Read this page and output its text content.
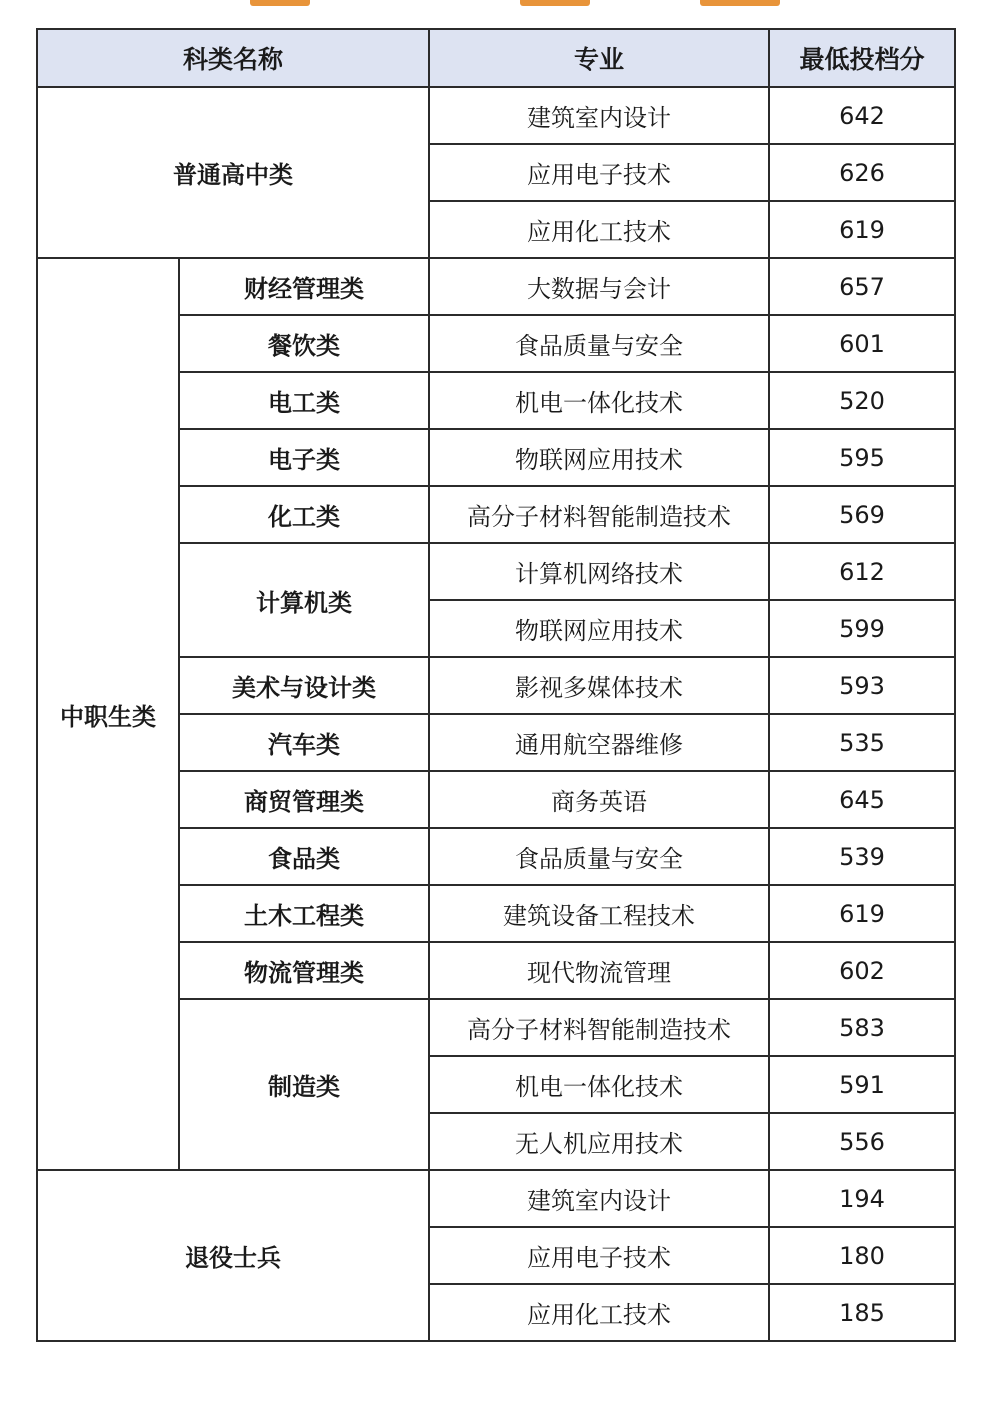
科类名称		专业	最低投档分
普通高中类		建筑室内设计	642
		应用电子技术	626
		应用化工技术	619
中职生类	财经管理类	大数据与会计	657
	餐饮类	食品质量与安全	601
	电工类	机电一体化技术	520
	电子类	物联网应用技术	595
	化工类	高分子材料智能制造技术	569
	计算机类	计算机网络技术	612
		物联网应用技术	599
	美术与设计类	影视多媒体技术	593
	汽车类	通用航空器维修	535
	商贸管理类	商务英语	645
	食品类	食品质量与安全	539
	土木工程类	建筑设备工程技术	619
	物流管理类	现代物流管理	602
	制造类	高分子材料智能制造技术	583
		机电一体化技术	591
		无人机应用技术	556
退役士兵		建筑室内设计	194
		应用电子技术	180
		应用化工技术	185
